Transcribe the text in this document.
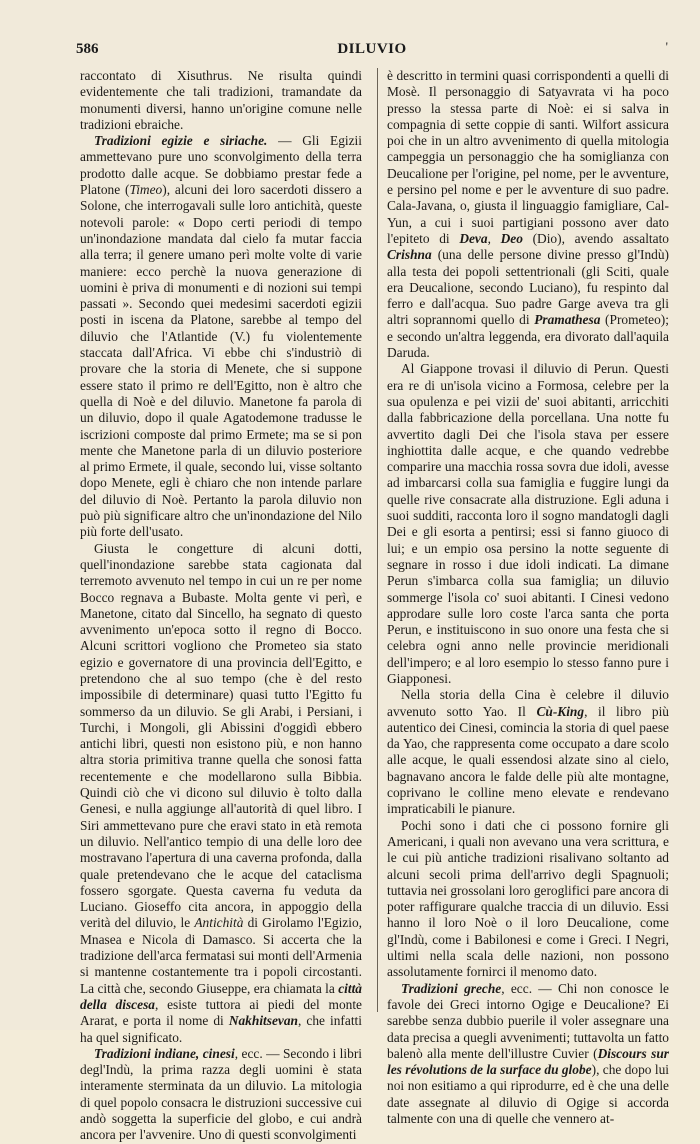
586	DILUVIO	'

raccontato di Xisuthrus. Ne risulta quindi evidentemente che tali tradizioni, tramandate da monumenti diversi, hanno un'origine comune nelle tradizioni ebraiche.

Tradizioni egizie e siriache. — Gli Egizii ammettevano pure uno sconvolgimento della terra prodotto dalle acque. Se dobbiamo prestar fede a Platone (Timeo), alcuni dei loro sacerdoti dissero a Solone, che interrogavali sulle loro antichità, queste notevoli parole: « Dopo certi periodi di tempo un'inondazione mandata dal cielo fa mutar faccia alla terra; il genere umano perì molte volte di varie maniere: ecco perchè la nuova generazione di uomini è priva di monumenti e di nozioni sui tempi passati ». Secondo quei medesimi sacerdoti egizii posti in iscena da Platone, sarebbe al tempo del diluvio che l'Atlantide (V.) fu violentemente staccata dall'Africa. Vi ebbe chi s'industriò di provare che la storia di Menete, che si suppone essere stato il primo re dell'Egitto, non è altro che quella di Noè e del diluvio. Manetone fa parola di un diluvio, dopo il quale Agatodemone tradusse le iscrizioni composte dal primo Ermete; ma se si pon mente che Manetone parla di un diluvio posteriore al primo Ermete, il quale, secondo lui, visse soltanto dopo Menete, egli è chiaro che non intende parlare del diluvio di Noè. Pertanto la parola diluvio non può più significare altro che un'inondazione del Nilo più forte dell'usato.

Giusta le congetture di alcuni dotti, quell'inondazione sarebbe stata cagionata dal terremoto avvenuto nel tempo in cui un re per nome Bocco regnava a Bubaste. Molta gente vi perì, e Manetone, citato dal Sincello, ha segnato di questo avvenimento un'epoca sotto il regno di Bocco. Alcuni scrittori vogliono che Prometeo sia stato egizio e governatore di una provincia dell'Egitto, e pretendono che al suo tempo (che è del resto impossibile di determinare) quasi tutto l'Egitto fu sommerso da un diluvio. Se gli Arabi, i Persiani, i Turchi, i Mongoli, gli Abissini d'oggidì ebbero antichi libri, questi non esistono più, e non hanno altra storia primitiva tranne quella che sonosi fatta recentemente e che modellarono sulla Bibbia. Quindi ciò che vi dicono sul diluvio è tolto dalla Genesi, e nulla aggiunge all'autorità di quel libro. I Siri ammettevano pure che eravi stato in età remota un diluvio. Nell'antico tempio di una delle loro dee mostravano l'apertura di una caverna profonda, dalla quale pretendevano che le acque del cataclisma fossero sgorgate. Questa caverna fu veduta da Luciano. Gioseffo cita ancora, in appoggio della verità del diluvio, le Antichità di Girolamo l'Egizio, Mnasea e Nicola di Damasco. Si accerta che la tradizione dell'arca fermatasi sui monti dell'Armenia si mantenne costantemente tra i popoli circostanti. La città che, secondo Giuseppe, era chiamata la città della discesa, esiste tuttora ai piedi del monte Ararat, e porta il nome di Nakhitsevan, che infatti ha quel significato.

Tradizioni indiane, cinesi, ecc. — Secondo i libri degl'Indù, la prima razza degli uomini è stata interamente sterminata da un diluvio. La mitologia di quel popolo consacra le distruzioni successive cui andò soggetta la superficie del globo, e cui andrà ancora per l'avvenire. Uno di questi sconvolgimenti

è descritto in termini quasi corrispondenti a quelli di Mosè. Il personaggio di Satyavrata vi ha poco presso la stessa parte di Noè: ei si salva in compagnia di sette coppie di santi. Wilfort assicura poi che in un altro avvenimento di quella mitologia campeggia un personaggio che ha somiglianza con Deucalione per l'origine, pel nome, per le avventure, e persino pel nome e per le avventure di suo padre. Cala-Javana, o, giusta il linguaggio famigliare, Cal-Yun, a cui i suoi partigiani possono aver dato l'epiteto di Deva, Deo (Dio), avendo assaltato Crishna (una delle persone divine presso gl'Indù) alla testa dei popoli settentrionali (gli Sciti, quale era Deucalione, secondo Luciano), fu respinto dal ferro e dall'acqua. Suo padre Garge aveva tra gli altri soprannomi quello di Pramathesa (Prometeo); e secondo un'altra leggenda, era divorato dall'aquila Daruda.

Al Giappone trovasi il diluvio di Perun. Questi era re di un'isola vicino a Formosa, celebre per la sua opulenza e pei vizii de' suoi abitanti, arricchiti dalla fabbricazione della porcellana. Una notte fu avvertito dagli Dei che l'isola stava per essere inghiottita dalle acque, e che quando vedrebbe comparire una macchia rossa sovra due idoli, avesse ad imbarcarsi colla sua famiglia e fuggire lungi da quelle rive consacrate alla distruzione. Egli aduna i suoi sudditi, racconta loro il sogno mandatogli dagli Dei e gli esorta a pentirsi; essi si fanno giuoco di lui; e un empio osa persino la notte seguente di segnare in rosso i due idoli indicati. La dimane Perun s'imbarca colla sua famiglia; un diluvio sommerge l'isola co' suoi abitanti. I Cinesi vedono approdare sulle loro coste l'arca santa che porta Perun, e instituiscono in suo onore una festa che si celebra ogni anno nelle provincie meridionali dell'impero; e al loro esempio lo stesso fanno pure i Giapponesi.

Nella storia della Cina è celebre il diluvio avvenuto sotto Yao. Il Cù-King, il libro più autentico dei Cinesi, comincia la storia di quel paese da Yao, che rappresenta come occupato a dare scolo alle acque, le quali essendosi alzate sino al cielo, bagnavano ancora le falde delle più alte montagne, coprivano le colline meno elevate e rendevano impraticabili le pianure.

Pochi sono i dati che ci possono fornire gli Americani, i quali non avevano una vera scrittura, e le cui più antiche tradizioni risalivano soltanto ad alcuni secoli prima dell'arrivo degli Spagnuoli; tuttavia nei grossolani loro geroglifici pare ancora di poter raffigurare qualche traccia di un diluvio. Essi hanno il loro Noè o il loro Deucalione, come gl'Indù, come i Babilonesi e come i Greci. I Negri, ultimi nella scala delle nazioni, non possono assolutamente fornirci il menomo dato.

Tradizioni greche, ecc. — Chi non conosce le favole dei Greci intorno Ogige e Deucalione? Ei sarebbe senza dubbio puerile il voler assegnare una data precisa a quegli avvenimenti; tuttavolta un fatto balenò alla mente dell'illustre Cuvier (Discours sur les révolutions de la surface du globe), che dopo lui noi non esitiamo a qui riprodurre, ed è che una delle date assegnate al diluvio di Ogige si accorda talmente con una di quelle che vennero at-
